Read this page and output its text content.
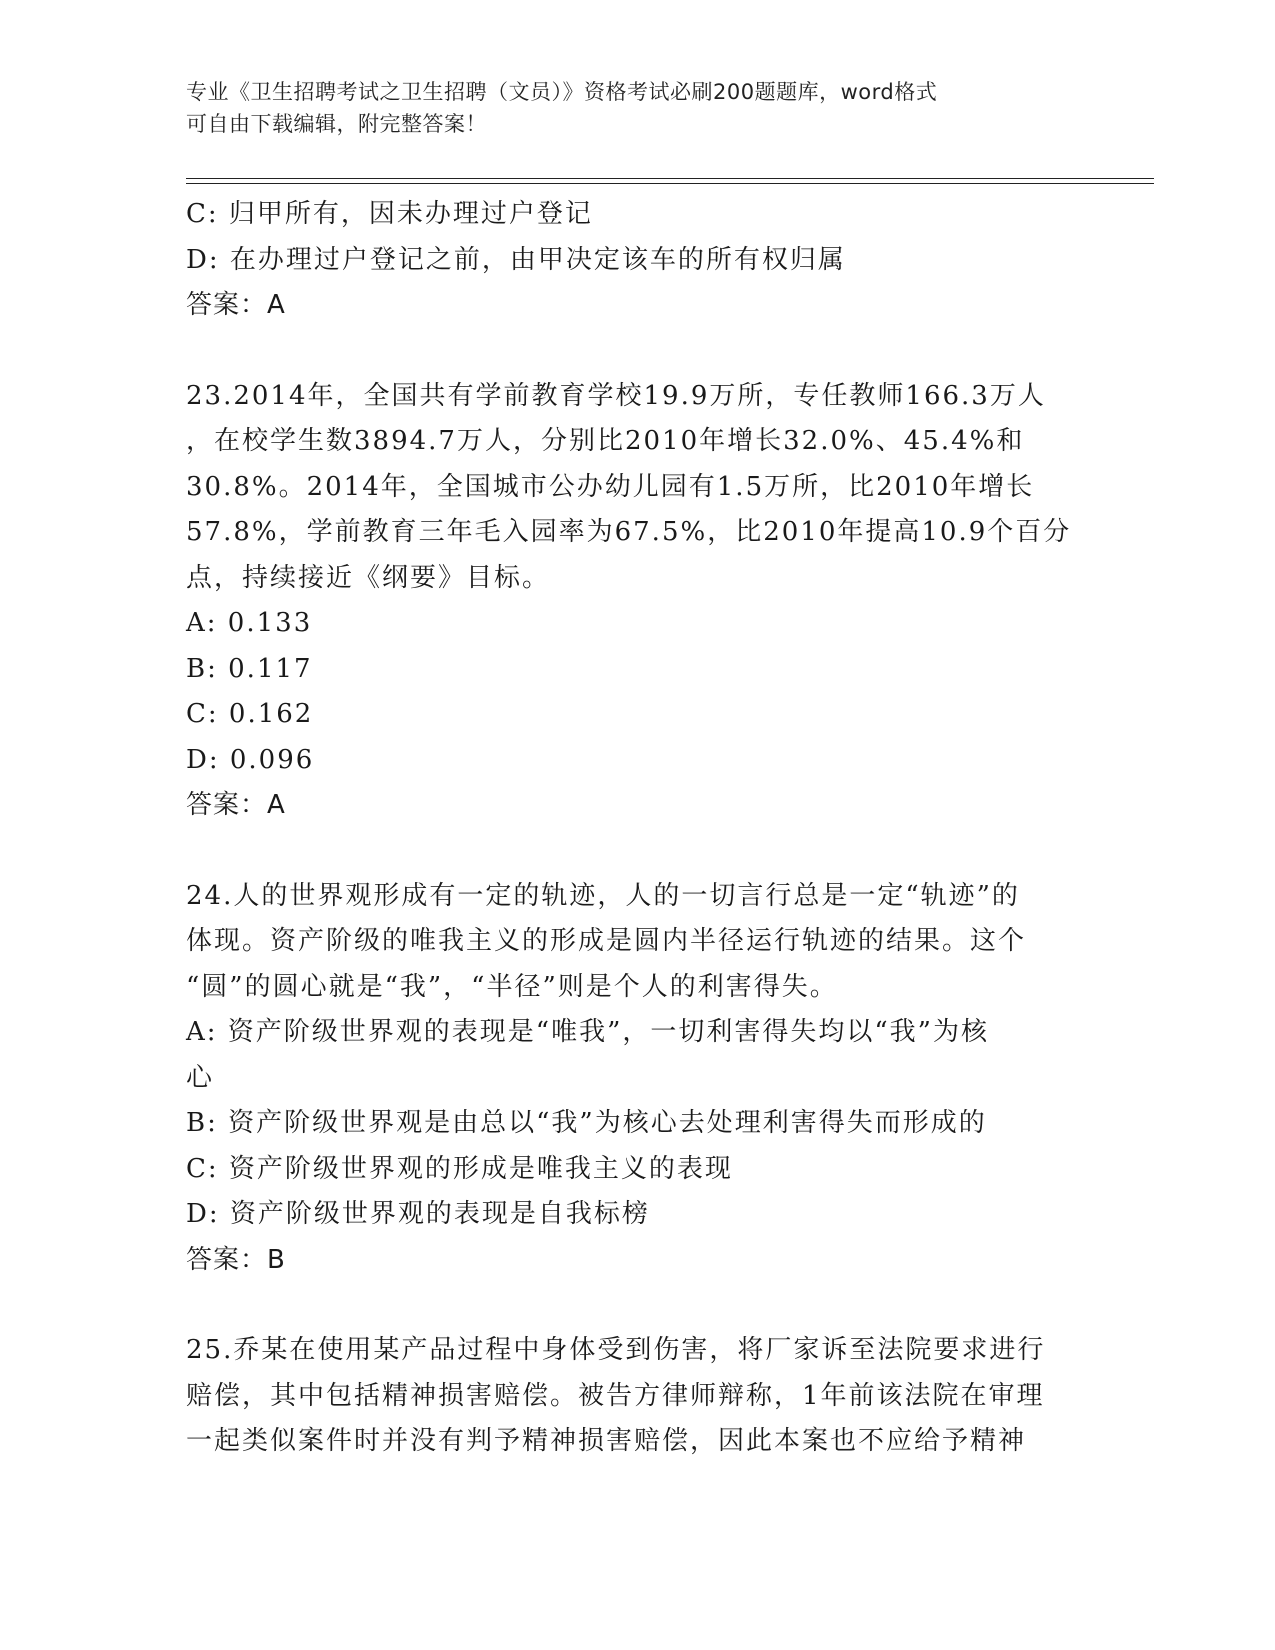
专业《卫生招聘考试之卫生招聘（文员）》资格考试必刷200题题库，word格式
可自由下载编辑，附完整答案！
C: 归甲所有，因未办理过户登记
D: 在办理过户登记之前，由甲决定该车的所有权归属
答案：A
23.2014年，全国共有学前教育学校19.9万所，专任教师166.3万人
，在校学生数3894.7万人，分别比2010年增长32.0%、45.4%和
30.8%。2014年，全国城市公办幼儿园有1.5万所，比2010年增长
57.8%，学前教育三年毛入园率为67.5%，比2010年提高10.9个百分
点，持续接近《纲要》目标。
A: 0.133
B: 0.117
C: 0.162
D: 0.096
答案：A
24.人的世界观形成有一定的轨迹，人的一切言行总是一定“轨迹”的
体现。资产阶级的唯我主义的形成是圆内半径运行轨迹的结果。这个
“圆”的圆心就是“我”，“半径”则是个人的利害得失。
A: 资产阶级世界观的表现是“唯我”，一切利害得失均以“我”为核
心
B: 资产阶级世界观是由总以“我”为核心去处理利害得失而形成的
C: 资产阶级世界观的形成是唯我主义的表现
D: 资产阶级世界观的表现是自我标榜
答案：B
25.乔某在使用某产品过程中身体受到伤害，将厂家诉至法院要求进行
赔偿，其中包括精神损害赔偿。被告方律师辩称，1年前该法院在审理
一起类似案件时并没有判予精神损害赔偿，因此本案也不应给予精神
